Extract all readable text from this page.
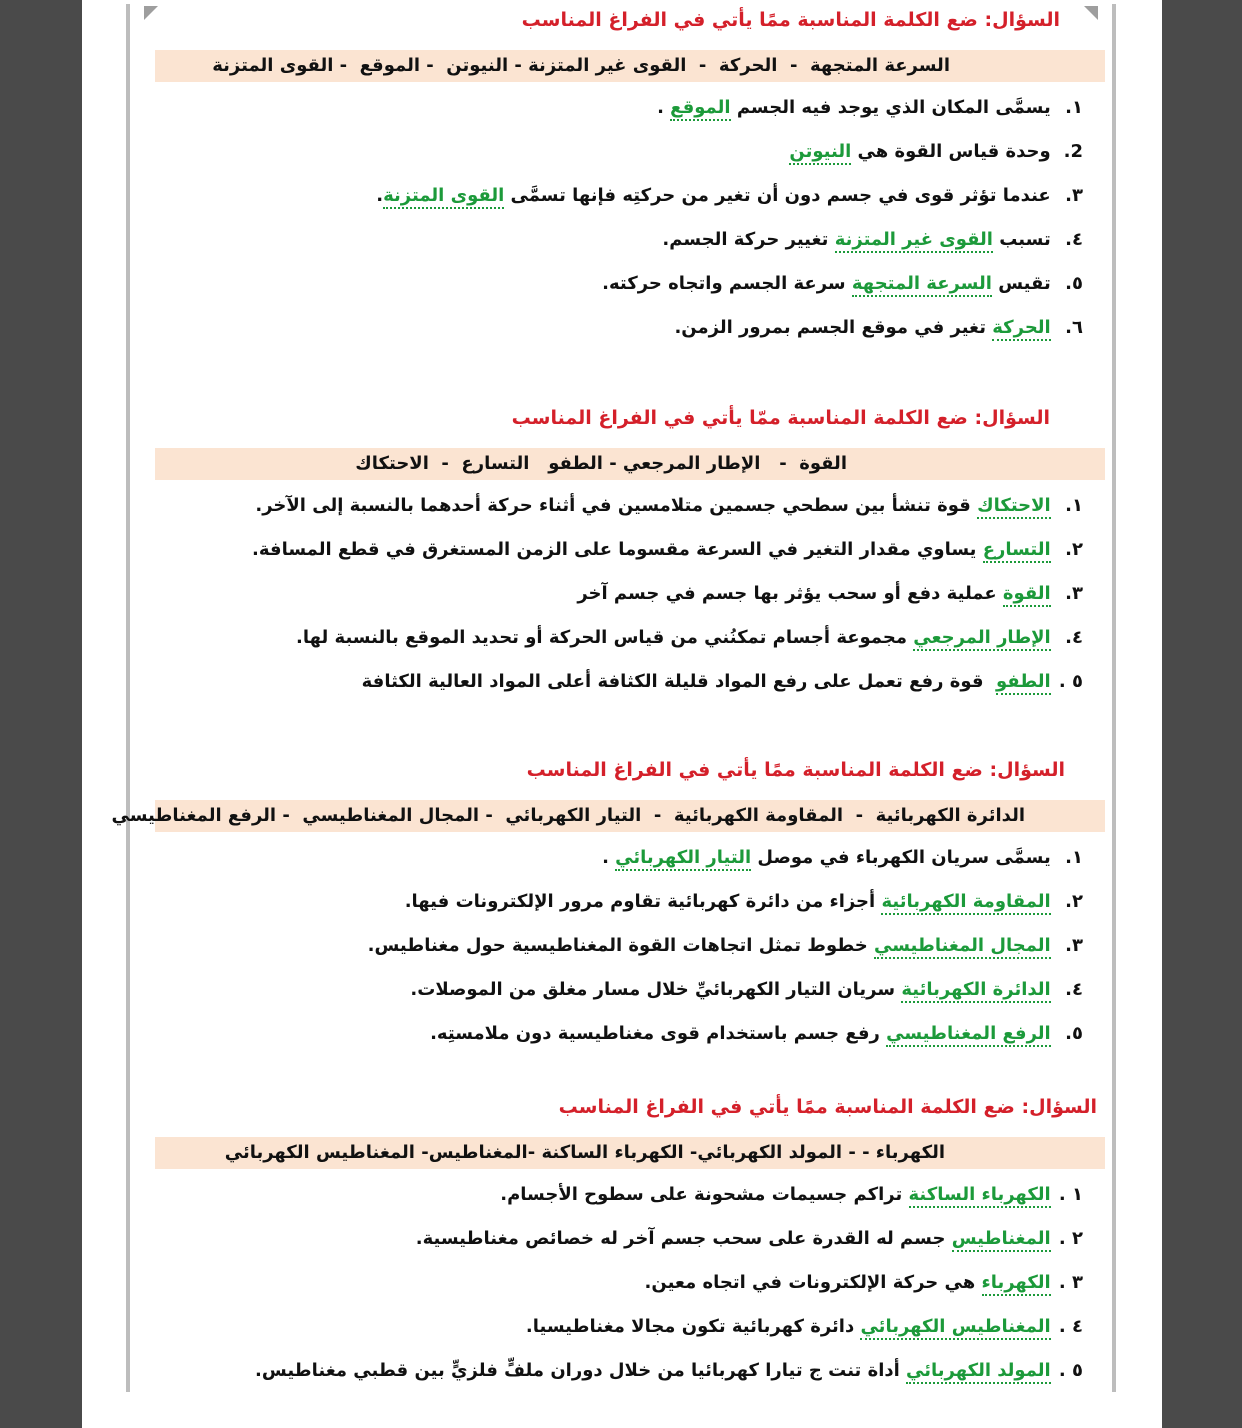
السؤال: ضع الكلمة المناسبة ممًا يأتي في الفراغ المناسب
السرعة المتجهة  -  الحركة  -  القوى غير المتزنة - النيوتن  - الموقع  - القوى المتزنة
١. يسمَّى المكان الذي يوجد فيه الجسم الموقع .
2. وحدة قياس القوة هي النيوتن
٣. عندما تؤثر قوى في جسم دون أن تغير من حركتِه فإنها تسمَّى القوى المتزنة.
٤. تسبب القوى غير المتزنة تغيير حركة الجسم.
٥. تقيس السرعة المتجهة سرعة الجسم واتجاه حركته.
٦. الحركة تغير في موقع الجسم بمرور الزمن.
السؤال: ضع الكلمة المناسبة ممّا يأتي في الفراغ المناسب
القوة  -   الإطار المرجعي - الطفو   التسارع  -  الاحتكاك
١. الاحتكاك قوة تنشأ بين سطحي جسمين متلامسين في أثناء حركة أحدهما بالنسبة إلى الآخر.
٢. التسارع يساوي مقدار التغير في السرعة مقسوما على الزمن المستغرق في قطع المسافة.
٣. القوة عملية دفع أو سحب يؤثر بها جسم في جسم آخر
٤. الإطار المرجعي مجموعة أجسام تمكنُني من قياس الحركة أو تحديد الموقع بالنسبة لها.
٥ . الطفو  قوة رفع تعمل على رفع المواد قليلة الكثافة أعلى المواد العالية الكثافة
السؤال: ضع الكلمة المناسبة ممًا يأتي في الفراغ المناسب
الدائرة الكهربائية  -  المقاومة الكهربائية  -  التيار الكهربائي  - المجال المغناطيسي  - الرفع المغناطيسي
١. يسمَّى سريان الكهرباء في موصل التيار الكهربائي .
٢. المقاومة الكهربائية أجزاء من دائرة كهربائية تقاوم مرور الإلكترونات فيها.
٣. المجال المغناطيسي خطوط تمثل اتجاهات القوة المغناطيسية حول مغناطيس.
٤. الدائرة الكهربائية سريان التيار الكهربائيِّ خلال مسار مغلق من الموصلات.
٥. الرفع المغناطيسي رفع جسم باستخدام قوى مغناطيسية دون ملامستِه.
السؤال: ضع الكلمة المناسبة ممًا يأتي في الفراغ المناسب
الكهرباء - - المولد الكهربائي- الكهرباء الساكنة -المغناطيس- المغناطيس الكهربائي
١ . الكهرباء الساكنة تراكم جسيمات مشحونة على سطوح الأجسام.
٢ . المغناطيس جسم له القدرة على سحب جسم آخر له خصائص مغناطيسية.
٣ . الكهرباء هي حركة الإلكترونات في اتجاه معين.
٤ . المغناطيس الكهربائي دائرة كهربائية تكون مجالا مغناطيسيا.
٥ . المولد الكهربائي أداة تنت ج تيارا كهربائيا من خلال دوران ملفٍّ فلزيٍّ بين قطبي مغناطيس.
